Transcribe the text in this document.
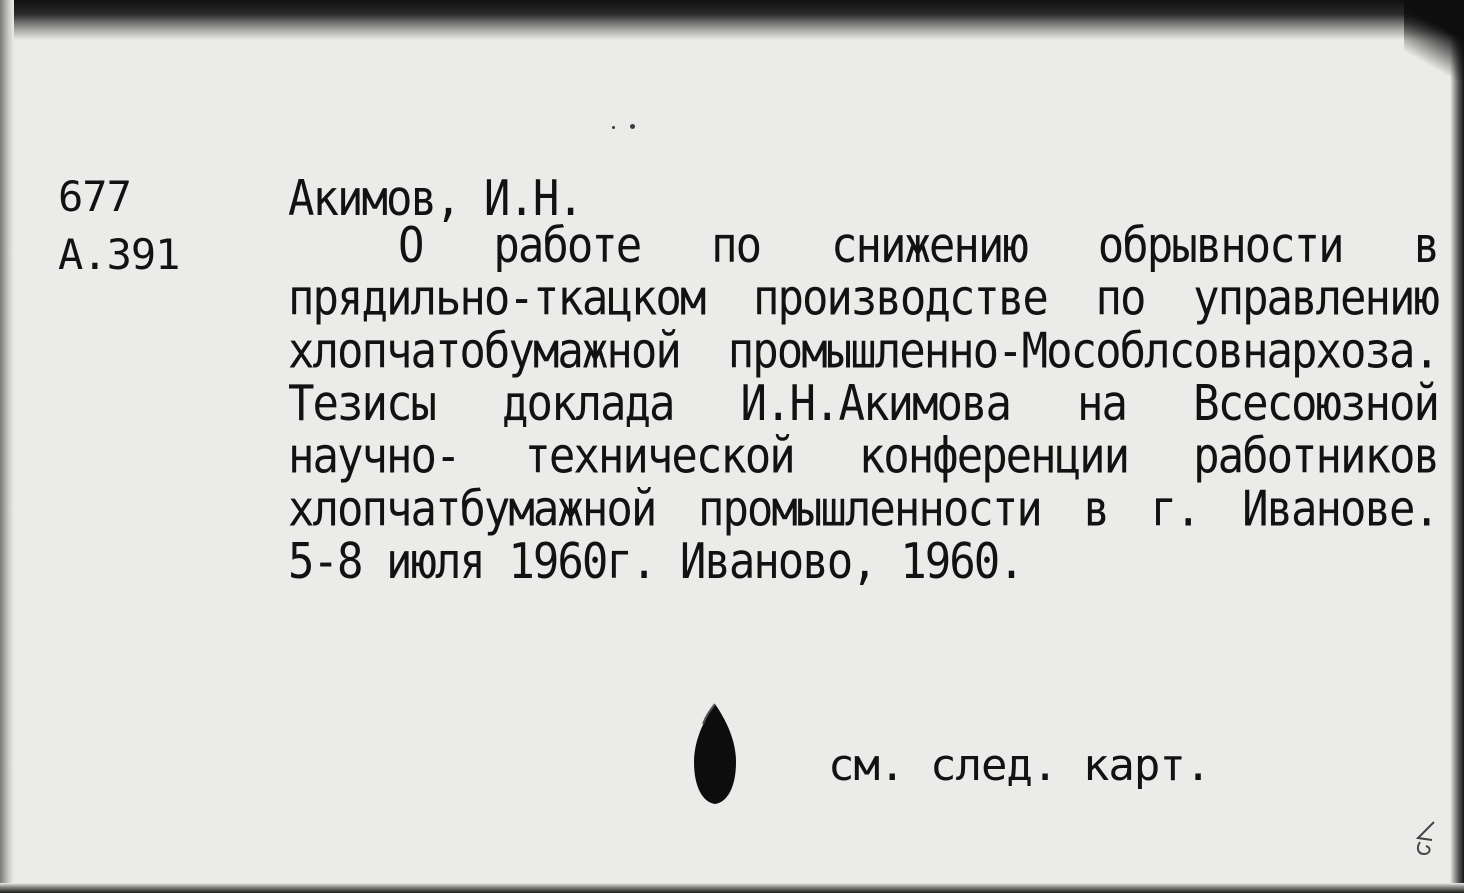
677
А.391
Акимов, И.Н.
О работе по снижению обрывности в прядильно-ткацком производстве по управлению хлопчатобумажной промышленно-Мособлсовнархоза. Тезисы доклада И.Н.Акимова на Всесоюзной научно- технической конференции работников хлопчатбумажной промышленности в г. Иванове. 5-8 июля 1960г. Иваново, 1960.
см. след. карт.
